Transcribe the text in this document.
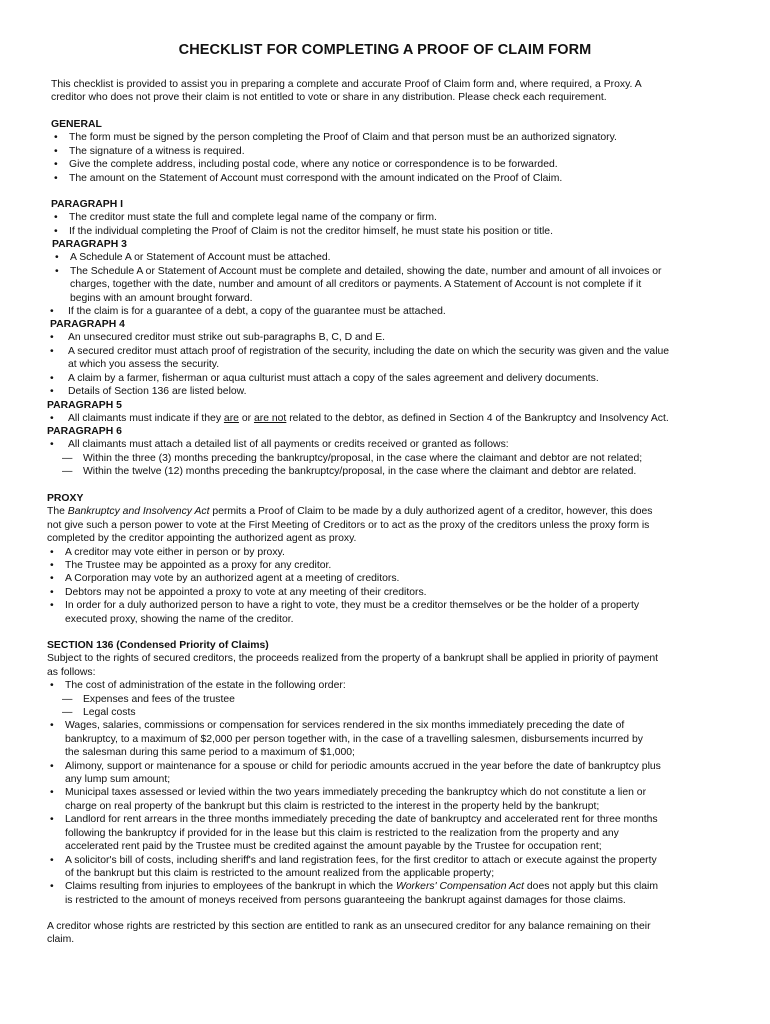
CHECKLIST FOR COMPLETING A PROOF OF CLAIM FORM
This checklist is provided to assist you in preparing a complete and accurate Proof of Claim form and, where required, a Proxy. A
creditor who does not prove their claim is not entitled to vote or share in any distribution. Please check each requirement.
GENERAL
• The form must be signed by the person completing the Proof of Claim and that person must be an authorized signatory.
• The signature of a witness is required.
• Give the complete address, including postal code, where any notice or correspondence is to be forwarded.
• The amount on the Statement of Account must correspond with the amount indicated on the Proof of Claim.
PARAGRAPH I
• The creditor must state the full and complete legal name of the company or firm.
• If the individual completing the Proof of Claim is not the creditor himself, he must state his position or title.
PARAGRAPH 3
• A Schedule A or Statement of Account must be attached.
• The Schedule A or Statement of Account must be complete and detailed, showing the date, number and amount of all invoices or
charges, together with the date, number and amount of all creditors or payments. A Statement of Account is not complete if it
begins with an amount brought forward.
• If the claim is for a guarantee of a debt, a copy of the guarantee must be attached.
PARAGRAPH 4
• An unsecured creditor must strike out sub-paragraphs B, C, D and E.
• A secured creditor must attach proof of registration of the security, including the date on which the security was given and the value
at which you assess the security.
• A claim by a farmer, fisherman or aqua culturist must attach a copy of the sales agreement and delivery documents.
• Details of Section 136 are listed below.
PARAGRAPH 5
• All claimants must indicate if they are or are not related to the debtor, as defined in Section 4 of the Bankruptcy and Insolvency Act.
PARAGRAPH 6
• All claimants must attach a detailed list of all payments or credits received or granted as follows:
— Within the three (3) months preceding the bankruptcy/proposal, in the case where the claimant and debtor are not related;
— Within the twelve (12) months preceding the bankruptcy/proposal, in the case where the claimant and debtor are related.
PROXY
The Bankruptcy and Insolvency Act permits a Proof of Claim to be made by a duly authorized agent of a creditor, however, this does
not give such a person power to vote at the First Meeting of Creditors or to act as the proxy of the creditors unless the proxy form is
completed by the creditor appointing the authorized agent as proxy.
• A creditor may vote either in person or by proxy.
• The Trustee may be appointed as a proxy for any creditor.
• A Corporation may vote by an authorized agent at a meeting of creditors.
• Debtors may not be appointed a proxy to vote at any meeting of their creditors.
• In order for a duly authorized person to have a right to vote, they must be a creditor themselves or be the holder of a property
executed proxy, showing the name of the creditor.
SECTION 136 (Condensed Priority of Claims)
Subject to the rights of secured creditors, the proceeds realized from the property of a bankrupt shall be applied in priority of payment
as follows:
• The cost of administration of the estate in the following order:
— Expenses and fees of the trustee
— Legal costs
• Wages, salaries, commissions or compensation for services rendered in the six months immediately preceding the date of
bankruptcy, to a maximum of $2,000 per person together with, in the case of a travelling salesmen, disbursements incurred by
the salesman during this same period to a maximum of $1,000;
• Alimony, support or maintenance for a spouse or child for periodic amounts accrued in the year before the date of bankruptcy plus
any lump sum amount;
• Municipal taxes assessed or levied within the two years immediately preceding the bankruptcy which do not constitute a lien or
charge on real property of the bankrupt but this claim is restricted to the interest in the property held by the bankrupt;
• Landlord for rent arrears in the three months immediately preceding the date of bankruptcy and accelerated rent for three months
following the bankruptcy if provided for in the lease but this claim is restricted to the realization from the property and any
accelerated rent paid by the Trustee must be credited against the amount payable by the Trustee for occupation rent;
• A solicitor's bill of costs, including sheriff's and land registration fees, for the first creditor to attach or execute against the property
of the bankrupt but this claim is restricted to the amount realized from the applicable property;
• Claims resulting from injuries to employees of the bankrupt in which the Workers' Compensation Act does not apply but this claim
is restricted to the amount of moneys received from persons guaranteeing the bankrupt against damages for those claims.
A creditor whose rights are restricted by this section are entitled to rank as an unsecured creditor for any balance remaining on their
claim.
